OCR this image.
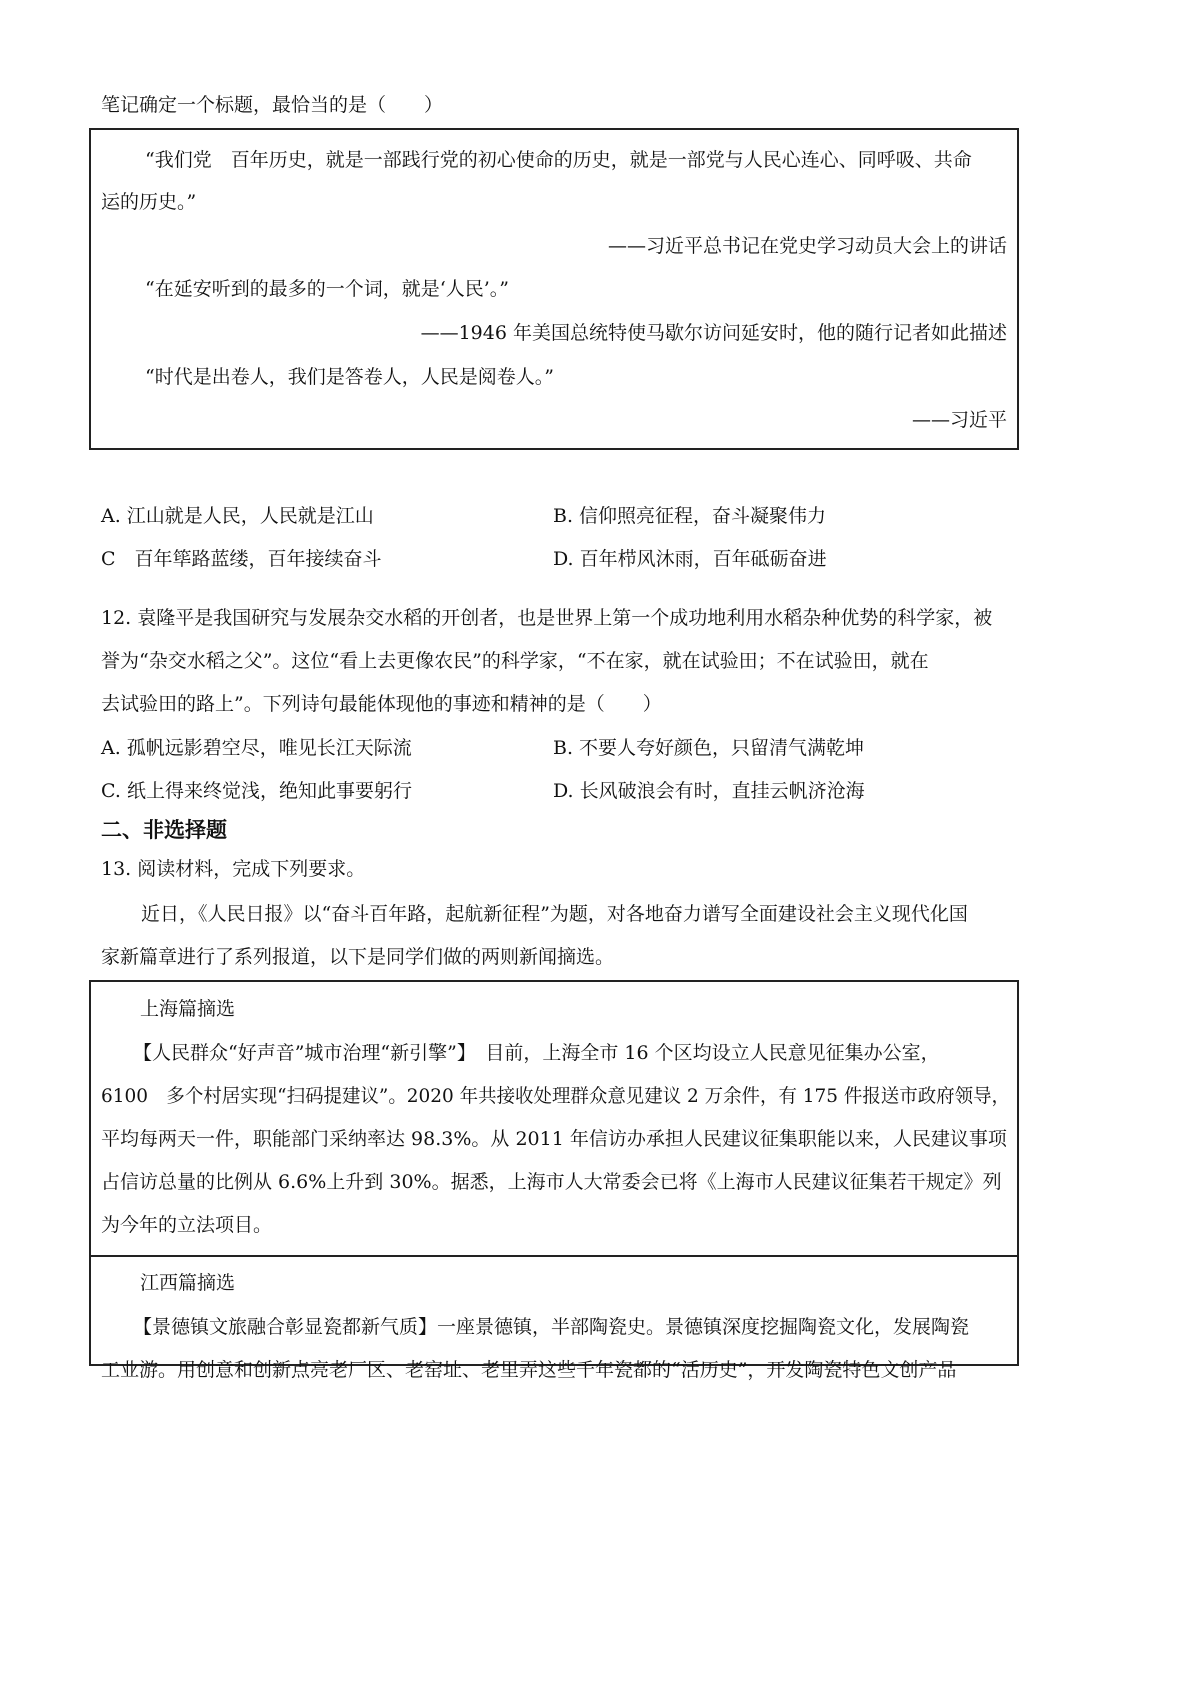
笔记确定一个标题，最恰当的是（　　）
“我们党　百年历史，就是一部践行党的初心使命的历史，就是一部党与人民心连心、同呼吸、共命
运的历史。”
——习近平总书记在党史学习动员大会上的讲话
“在延安听到的最多的一个词，就是‘人民’。”
——1946 年美国总统特使马歇尔访问延安时，他的随行记者如此描述
“时代是出卷人，我们是答卷人，人民是阅卷人。”
——习近平
A. 江山就是人民，人民就是江山	B. 信仰照亮征程，奋斗凝聚伟力
C　百年筚路蓝缕，百年接续奋斗	D. 百年栉风沐雨，百年砥砺奋进
12. 袁隆平是我国研究与发展杂交水稻的开创者，也是世界上第一个成功地利用水稻杂种优势的科学家，被
誉为“杂交水稻之父”。这位“看上去更像农民”的科学家，“不在家，就在试验田；不在试验田，就在
去试验田的路上”。下列诗句最能体现他的事迹和精神的是（　　）
A. 孤帆远影碧空尽，唯见长江天际流	B. 不要人夸好颜色，只留清气满乾坤
C. 纸上得来终觉浅，绝知此事要躬行	D. 长风破浪会有时，直挂云帆济沧海
二、非选择题
13. 阅读材料，完成下列要求。
近日，《人民日报》以“奋斗百年路，起航新征程”为题，对各地奋力谱写全面建设社会主义现代化国
家新篇章进行了系列报道，以下是同学们做的两则新闻摘选。
上海篇摘选
【人民群众“好声音”城市治理“新引擎”】　目前，上海全市 16 个区均设立人民意见征集办公室，
6100　多个村居实现“扫码提建议”。2020 年共接收处理群众意见建议 2 万余件，有 175 件报送市政府领导，
平均每两天一件，职能部门采纳率达 98.3%。从 2011 年信访办承担人民建议征集职能以来，人民建议事项
占信访总量的比例从 6.6%上升到 30%。据悉，上海市人大常委会已将《上海市人民建议征集若干规定》列
为今年的立法项目。
江西篇摘选
【景德镇文旅融合彰显瓷都新气质】一座景德镇，半部陶瓷史。景德镇深度挖掘陶瓷文化，发展陶瓷
工业游。用创意和创新点亮老厂区、老窑址、老里弄这些千年瓷都的“活历史”，开发陶瓷特色文创产品
